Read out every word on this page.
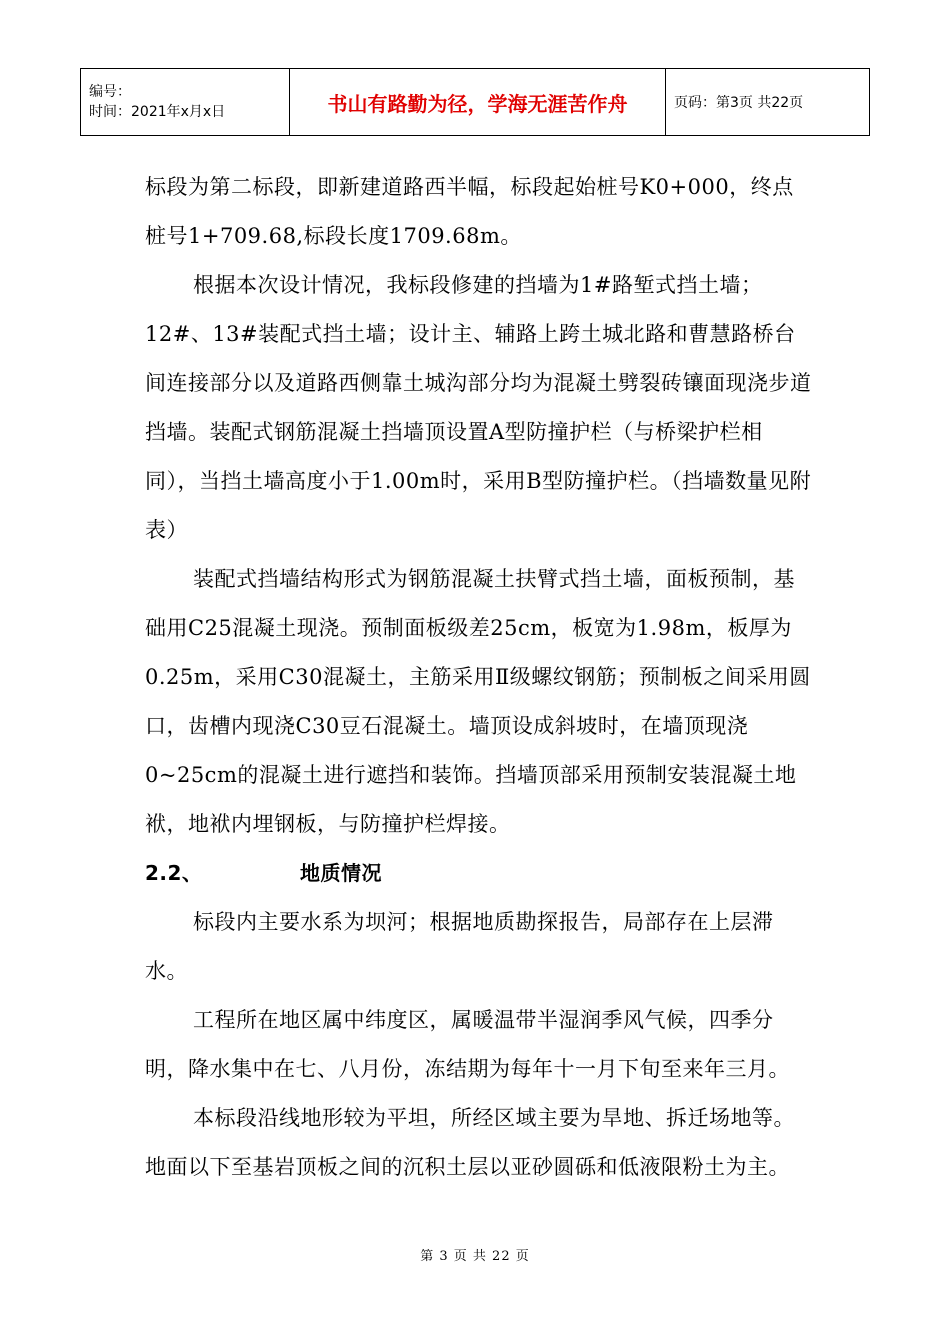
编号：
时间：2021年x月x日	书山有路勤为径，学海无涯苦作舟	页码：第3页 共22页

标段为第二标段，即新建道路西半幅，标段起始桩号K0+000，终点桩号1+709.68,标段长度1709.68m。

根据本次设计情况，我标段修建的挡墙为1#路堑式挡土墙；12#、13#装配式挡土墙；设计主、辅路上跨土城北路和曹慧路桥台间连接部分以及道路西侧靠土城沟部分均为混凝土劈裂砖镶面现浇步道挡墙。装配式钢筋混凝土挡墙顶设置A型防撞护栏（与桥梁护栏相同），当挡土墙高度小于1.00m时，采用B型防撞护栏。（挡墙数量见附表）

装配式挡墙结构形式为钢筋混凝土扶臂式挡土墙，面板预制，基础用C25混凝土现浇。预制面板级差25cm，板宽为1.98m，板厚为0.25m，采用C30混凝土，主筋采用Ⅱ级螺纹钢筋；预制板之间采用圆口，齿槽内现浇C30豆石混凝土。墙顶设成斜坡时，在墙顶现浇0~25cm的混凝土进行遮挡和装饰。挡墙顶部采用预制安装混凝土地袱，地袱内埋钢板，与防撞护栏焊接。

2.2、	地质情况

标段内主要水系为坝河；根据地质勘探报告，局部存在上层滞水。

工程所在地区属中纬度区，属暖温带半湿润季风气候，四季分明，降水集中在七、八月份，冻结期为每年十一月下旬至来年三月。

本标段沿线地形较为平坦，所经区域主要为旱地、拆迁场地等。地面以下至基岩顶板之间的沉积土层以亚砂圆砾和低液限粉土为主。

第 3 页 共 22 页
